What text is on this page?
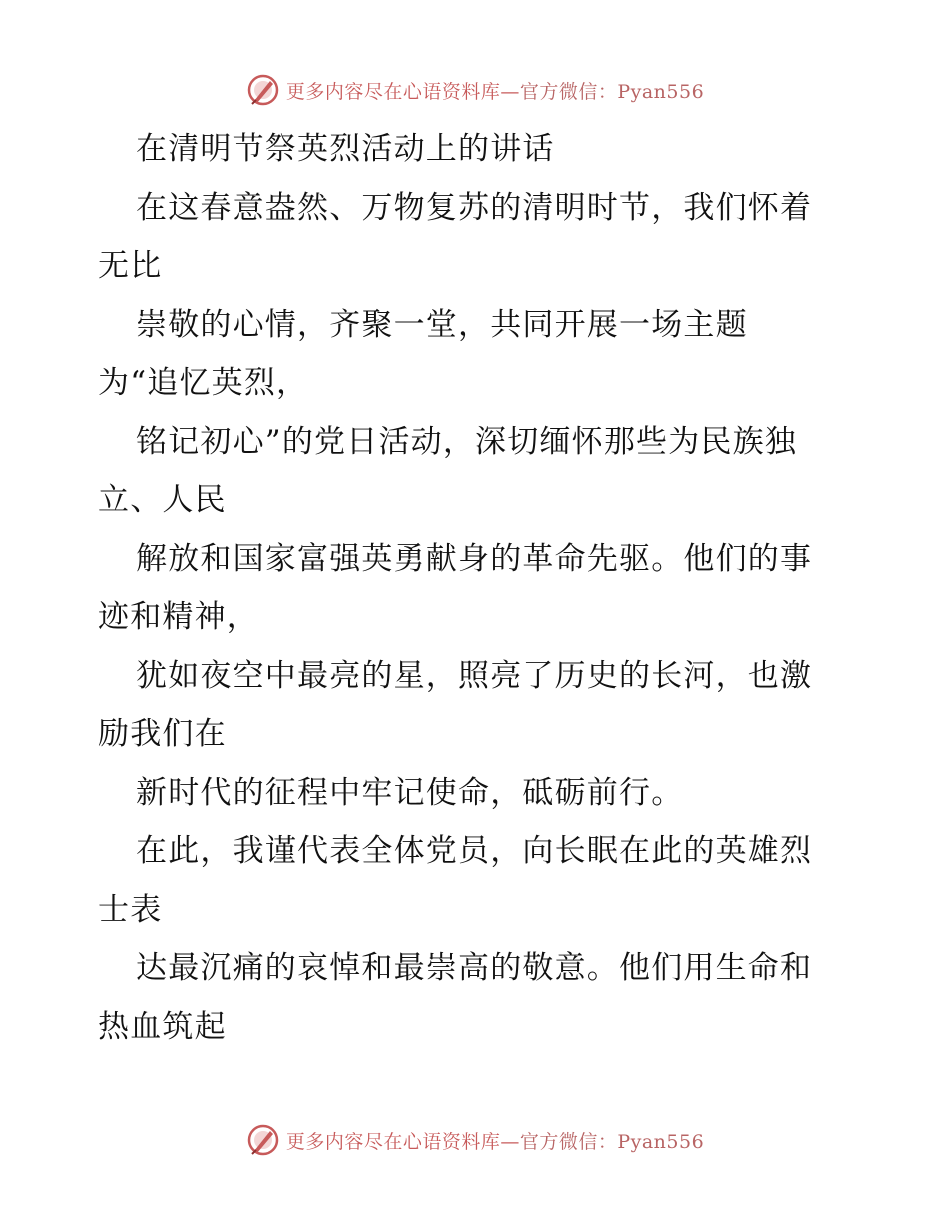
更多内容尽在心语资料库—官方微信：Pyan556
在清明节祭英烈活动上的讲话
在这春意盎然、万物复苏的清明时节，我们怀着
无比
崇敬的心情，齐聚一堂，共同开展一场主题
为“追忆英烈，
铭记初心”的党日活动，深切缅怀那些为民族独
立、人民
解放和国家富强英勇献身的革命先驱。他们的事
迹和精神，
犹如夜空中最亮的星，照亮了历史的长河，也激
励我们在
新时代的征程中牢记使命，砥砺前行。
在此，我谨代表全体党员，向长眠在此的英雄烈
士表
达最沉痛的哀悼和最崇高的敬意。他们用生命和
热血筑起
更多内容尽在心语资料库—官方微信：Pyan556
